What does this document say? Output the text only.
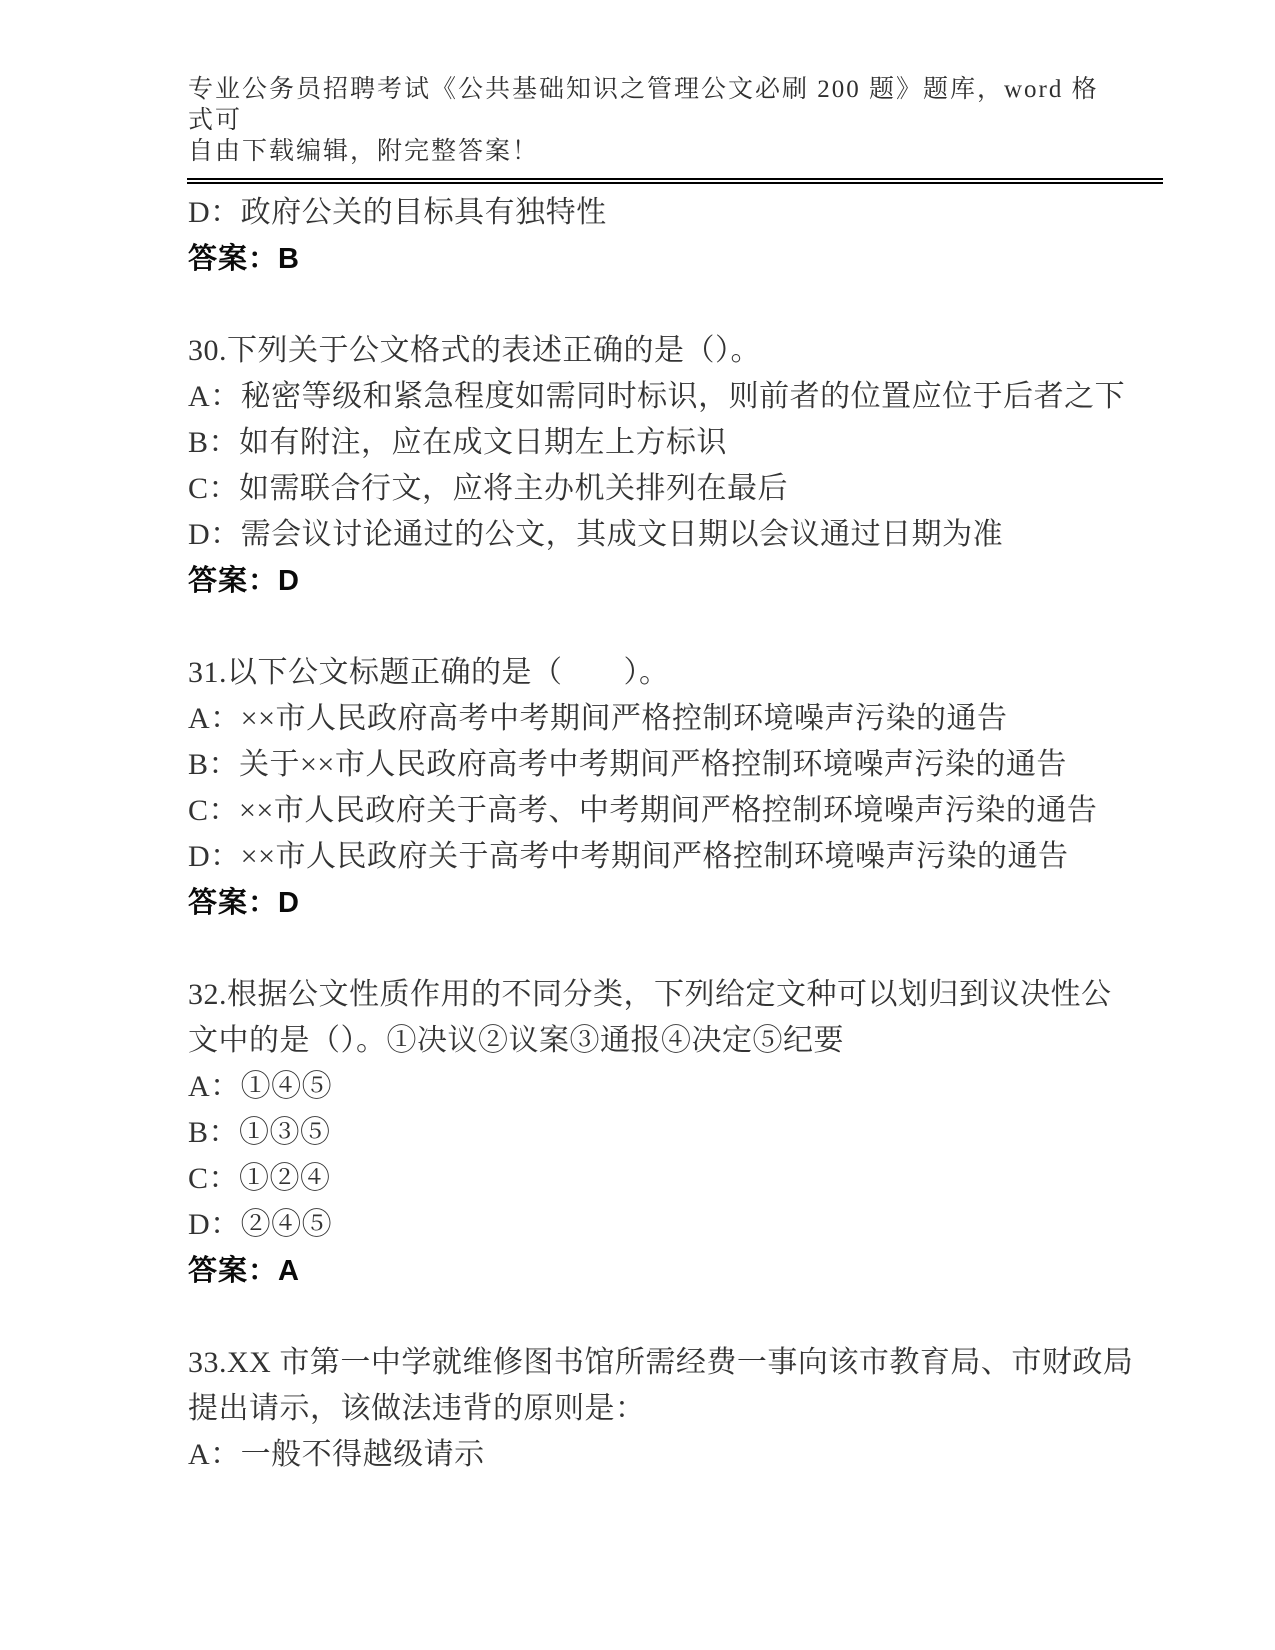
专业公务员招聘考试《公共基础知识之管理公文必刷 200 题》题库，word 格式可
自由下载编辑，附完整答案！

D：政府公关的目标具有独特性

答案：B

30.下列关于公文格式的表述正确的是（）。

A：秘密等级和紧急程度如需同时标识，则前者的位置应位于后者之下

B：如有附注，应在成文日期左上方标识

C：如需联合行文，应将主办机关排列在最后

D：需会议讨论通过的公文，其成文日期以会议通过日期为准

答案：D

31.以下公文标题正确的是（　　）。

A：××市人民政府高考中考期间严格控制环境噪声污染的通告

B：关于××市人民政府高考中考期间严格控制环境噪声污染的通告

C：××市人民政府关于高考、中考期间严格控制环境噪声污染的通告

D：××市人民政府关于高考中考期间严格控制环境噪声污染的通告

答案：D

32.根据公文性质作用的不同分类，下列给定文种可以划归到议决性公

文中的是（）。①决议②议案③通报④决定⑤纪要

A：①④⑤

B：①③⑤

C：①②④

D：②④⑤

答案：A

33.XX 市第一中学就维修图书馆所需经费一事向该市教育局、市财政局

提出请示，该做法违背的原则是：

A：一般不得越级请示
